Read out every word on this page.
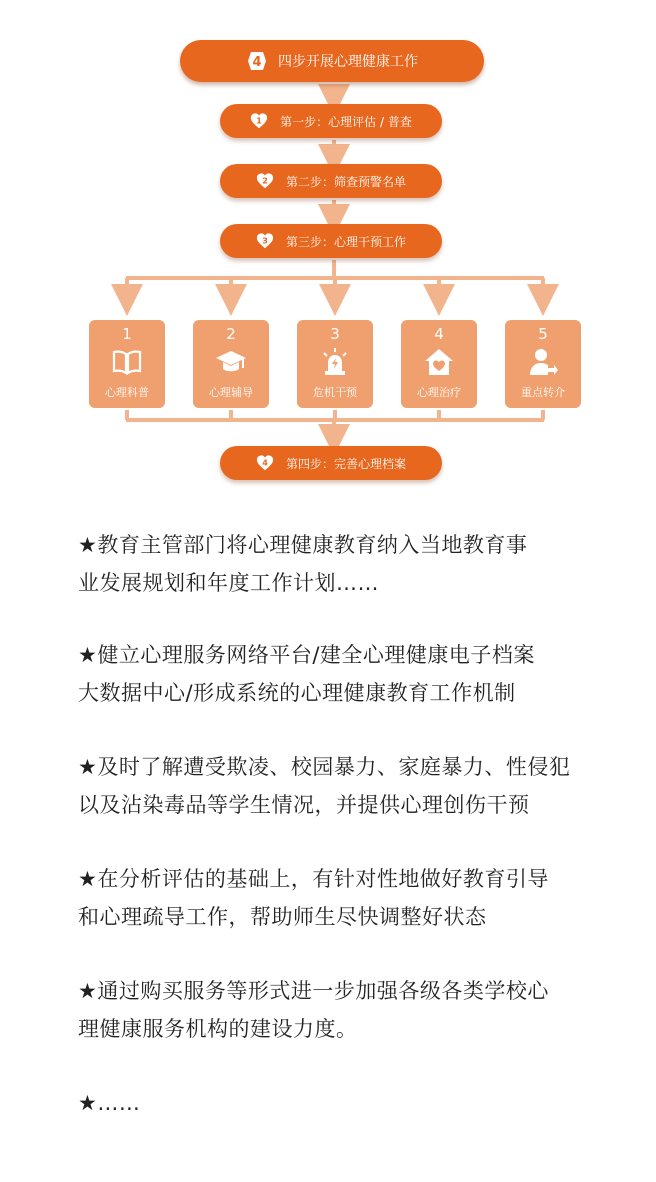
4 四步开展心理健康工作
1 第一步：心理评估 / 普查
2 第二步：筛查预警名单
3 第三步：心理干预工作
1
心理科普
2
心理辅导
3
危机干预
4
心理治疗
5
重点转介
4 第四步：完善心理档案

★教育主管部门将心理健康教育纳入当地教育事

业发展规划和年度工作计划……

★健立心理服务网络平台/建全心理健康电子档案

大数据中心/形成系统的心理健康教育工作机制

★及时了解遭受欺凌、校园暴力、家庭暴力、性侵犯

以及沾染毒品等学生情况，并提供心理创伤干预

★在分析评估的基础上，有针对性地做好教育引导

和心理疏导工作，帮助师生尽快调整好状态

★通过购买服务等形式进一步加强各级各类学校心

理健康服务机构的建设力度。

★……
